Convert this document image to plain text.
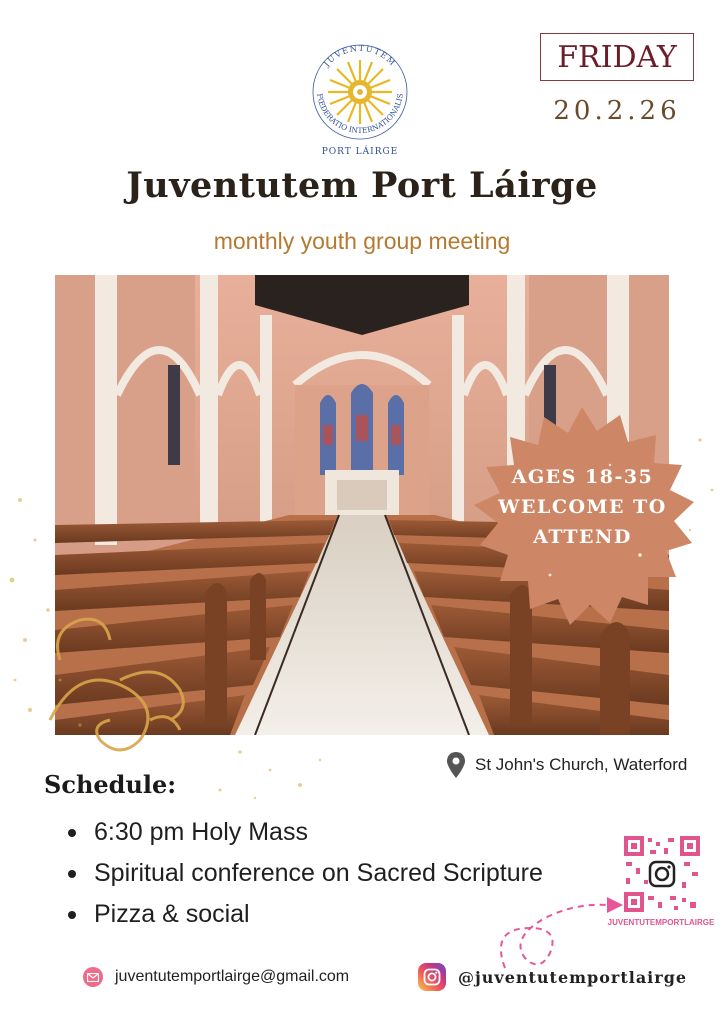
JUVENTUTEM
FŒDERATIO INTERNATIONALIS
PORT LÁIRGE
FRIDAY
20.2.26
Juventutem Port Láirge
monthly youth group meeting
AGES 18-35
WELCOME TO
ATTEND
St John's Church, Waterford
Schedule:
6:30 pm Holy Mass
Spiritual conference on Sacred Scripture
Pizza & social	JUVENTUTEMPORTLAIRGE
juventutemportlairge@gmail.com	@juventutemportlairge
